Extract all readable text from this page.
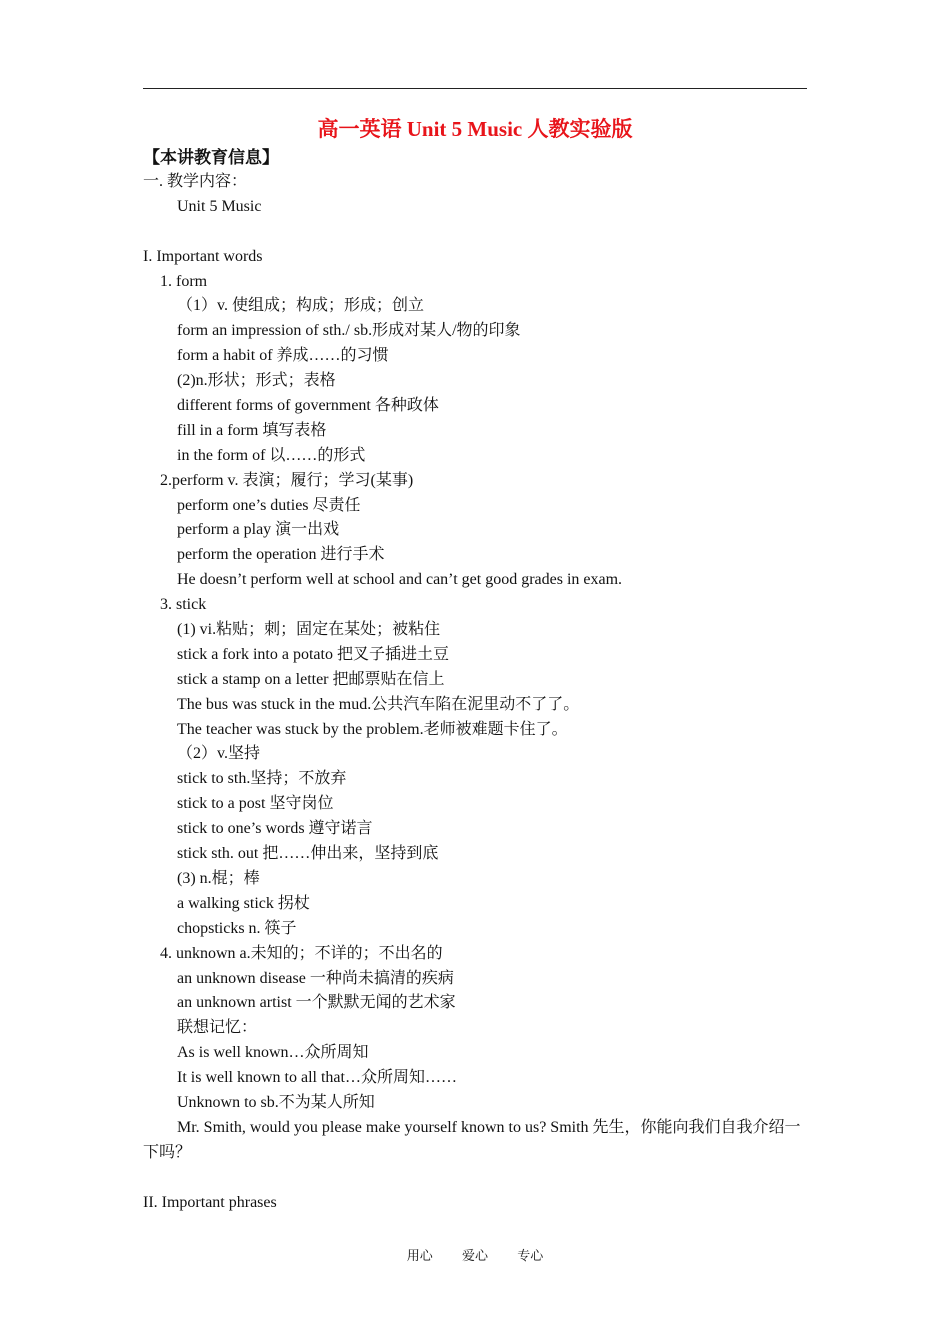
高一英语 Unit 5 Music 人教实验版
【本讲教育信息】
一. 教学内容：
Unit 5 Music
I. Important words
1. form
（1）v. 使组成；构成；形成；创立
form an impression of sth./ sb.形成对某人/物的印象
form a habit of 养成……的习惯
(2)n.形状；形式；表格
different forms of government 各种政体
fill in a form 填写表格
in the form of 以……的形式
2.perform v. 表演；履行；学习(某事)
perform one’s duties 尽责任
perform a play 演一出戏
perform the operation 进行手术
He doesn’t perform well at school and can’t get good grades in exam.
3. stick
(1) vi.粘贴；刺；固定在某处；被粘住
stick a fork into a potato 把叉子插进土豆
stick a stamp on a letter 把邮票贴在信上
The bus was stuck in the mud.公共汽车陷在泥里动不了了。
The teacher was stuck by the problem.老师被难题卡住了。
（2）v.坚持
stick to sth.坚持；不放弃
stick to a post 坚守岗位
stick to one’s words 遵守诺言
stick sth. out 把……伸出来，坚持到底
(3) n.棍；棒
a walking stick 拐杖
chopsticks n. 筷子
4. unknown a.未知的；不详的；不出名的
an unknown disease 一种尚未搞清的疾病
an unknown artist 一个默默无闻的艺术家
联想记忆：
As is well known…众所周知
It is well known to all that…众所周知……
Unknown to sb.不为某人所知
Mr. Smith, would you please make yourself known to us? Smith 先生，你能向我们自我介绍一下吗？
II. Important phrases
用心 爱心 专心
